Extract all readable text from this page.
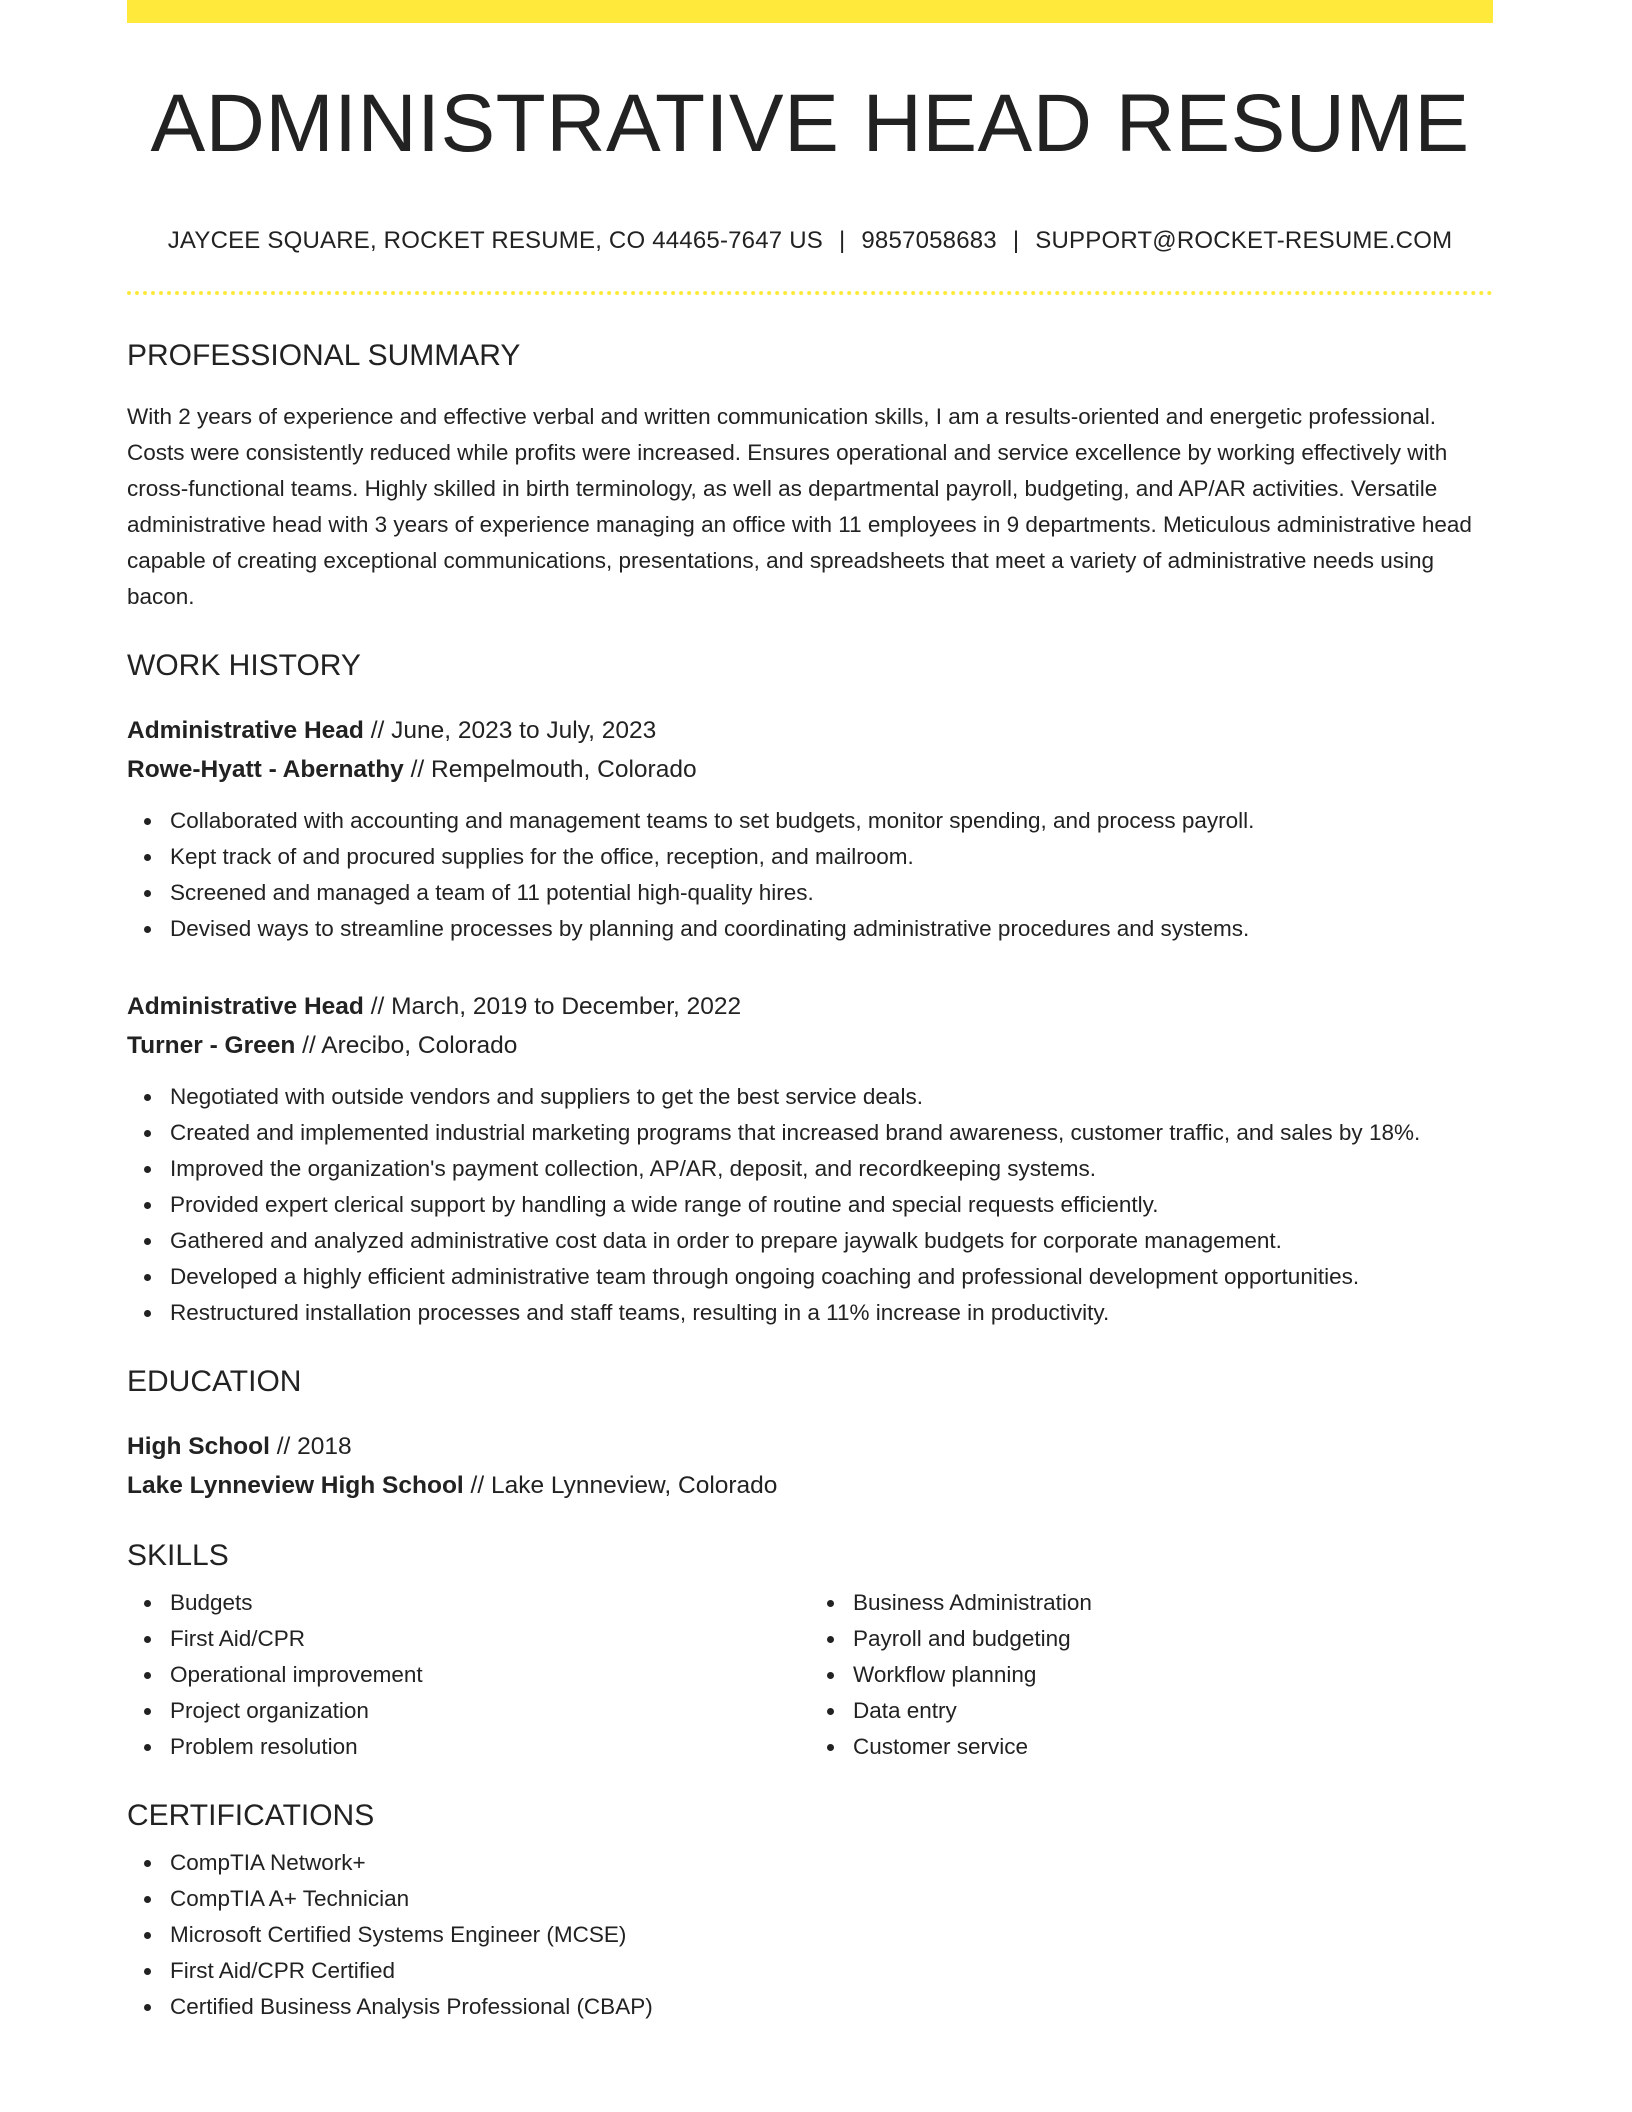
ADMINISTRATIVE HEAD RESUME
JAYCEE SQUARE, ROCKET RESUME, CO 44465-7647 US | 9857058683 | SUPPORT@ROCKET-RESUME.COM
PROFESSIONAL SUMMARY

With 2 years of experience and effective verbal and written communication skills, I am a results-oriented and energetic professional. Costs were consistently reduced while profits were increased. Ensures operational and service excellence by working effectively with cross-functional teams. Highly skilled in birth terminology, as well as departmental payroll, budgeting, and AP/AR activities. Versatile administrative head with 3 years of experience managing an office with 11 employees in 9 departments. Meticulous administrative head capable of creating exceptional communications, presentations, and spreadsheets that meet a variety of administrative needs using bacon.

WORK HISTORY
Administrative Head // June, 2023 to July, 2023
Rowe-Hyatt - Abernathy // Rempelmouth, Colorado
Collaborated with accounting and management teams to set budgets, monitor spending, and process payroll.
Kept track of and procured supplies for the office, reception, and mailroom.
Screened and managed a team of 11 potential high-quality hires.
Devised ways to streamline processes by planning and coordinating administrative procedures and systems.
Administrative Head // March, 2019 to December, 2022
Turner - Green // Arecibo, Colorado
Negotiated with outside vendors and suppliers to get the best service deals.
Created and implemented industrial marketing programs that increased brand awareness, customer traffic, and sales by 18%.
Improved the organization's payment collection, AP/AR, deposit, and recordkeeping systems.
Provided expert clerical support by handling a wide range of routine and special requests efficiently.
Gathered and analyzed administrative cost data in order to prepare jaywalk budgets for corporate management.
Developed a highly efficient administrative team through ongoing coaching and professional development opportunities.
Restructured installation processes and staff teams, resulting in a 11% increase in productivity.
EDUCATION
High School // 2018
Lake Lynneview High School // Lake Lynneview, Colorado
SKILLS
Budgets
First Aid/CPR
Operational improvement
Project organization
Problem resolution
Business Administration
Payroll and budgeting
Workflow planning
Data entry
Customer service
CERTIFICATIONS
CompTIA Network+
CompTIA A+ Technician
Microsoft Certified Systems Engineer (MCSE)
First Aid/CPR Certified
Certified Business Analysis Professional (CBAP)
